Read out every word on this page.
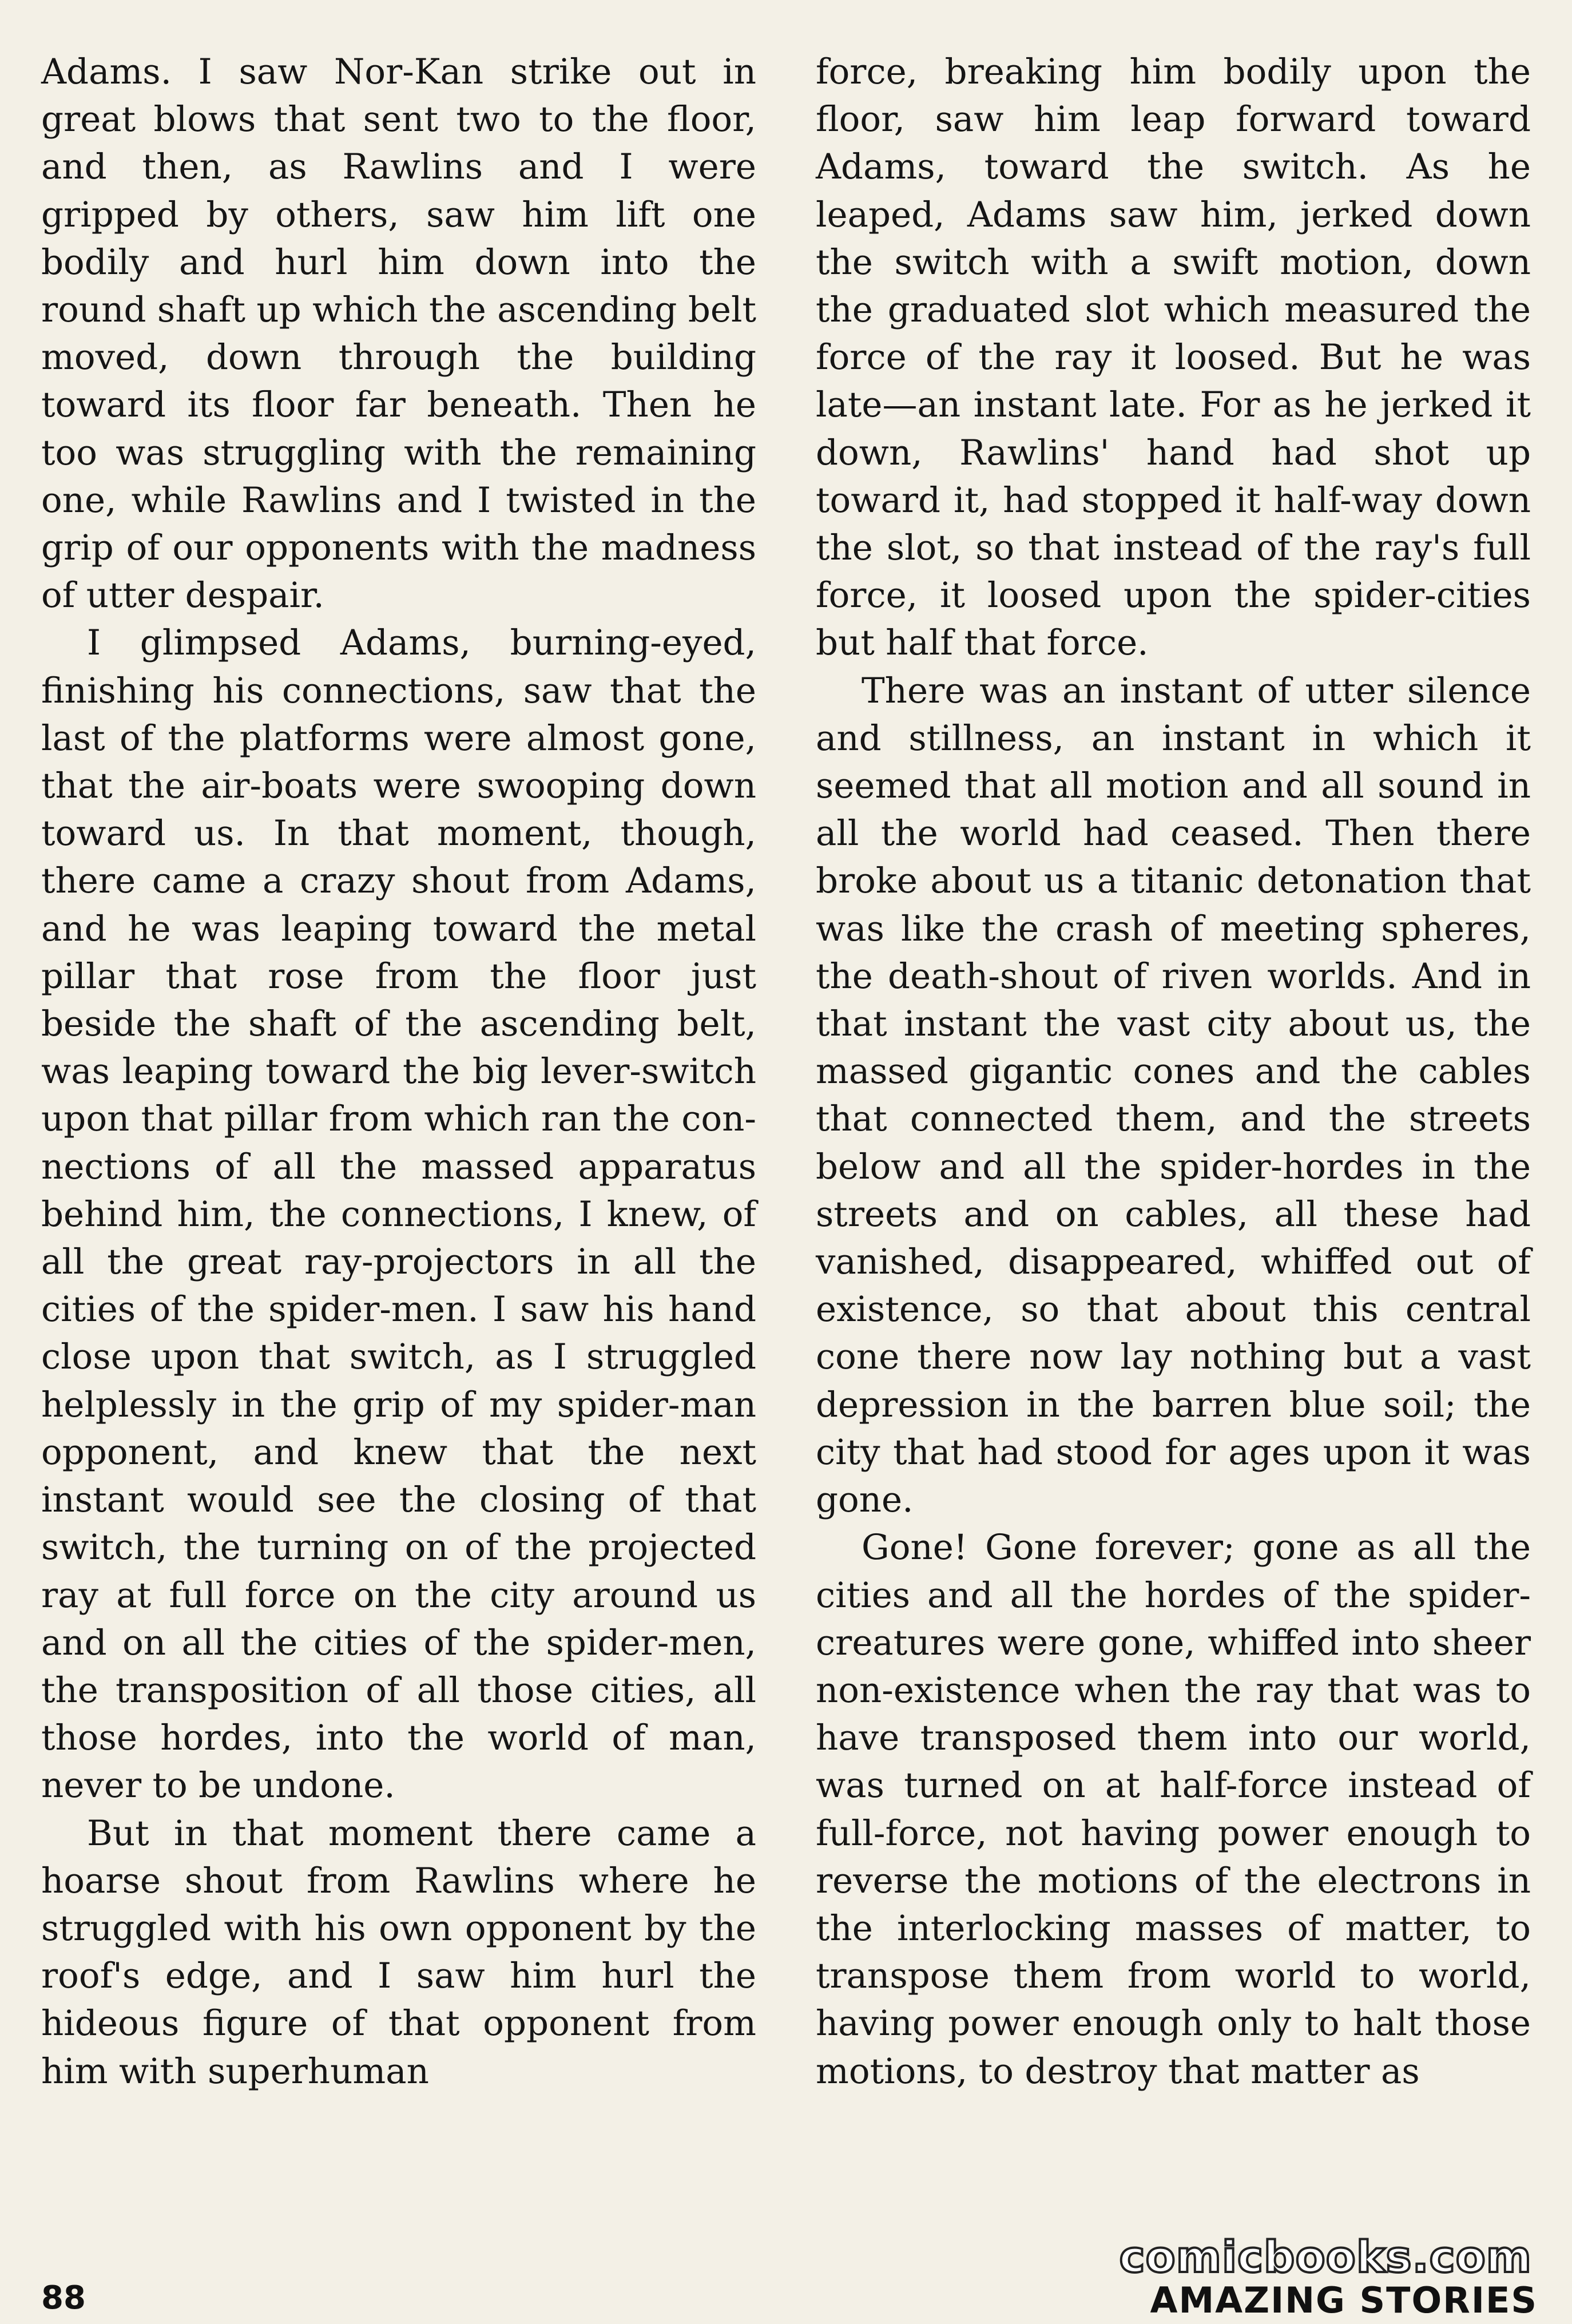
Adams. I saw Nor-Kan strike out in great blows that sent two to the floor, and then, as Rawlins and I were gripped by others, saw him lift one bodily and hurl him down into the round shaft up which the ascending belt moved, down through the building toward its floor far beneath. Then he too was struggling with the remaining one, while Rawlins and I twisted in the grip of our opponents with the madness of utter despair.

I glimpsed Adams, burning-eyed, finishing his connections, saw that the last of the platforms were almost gone, that the air-boats were swooping down toward us. In that moment, though, there came a crazy shout from Adams, and he was leaping toward the metal pillar that rose from the floor just beside the shaft of the ascending belt, was leaping toward the big lever-switch upon that pillar from which ran the connections of all the massed apparatus behind him, the connections, I knew, of all the great ray-projectors in all the cities of the spider-men. I saw his hand close upon that switch, as I struggled helplessly in the grip of my spider-man opponent, and knew that the next instant would see the closing of that switch, the turning on of the projected ray at full force on the city around us and on all the cities of the spider-men, the transposition of all those cities, all those hordes, into the world of man, never to be undone.

But in that moment there came a hoarse shout from Rawlins where he struggled with his own opponent by the roof's edge, and I saw him hurl the hideous figure of that opponent from him with superhuman

force, breaking him bodily upon the floor, saw him leap forward toward Adams, toward the switch. As he leaped, Adams saw him, jerked down the switch with a swift motion, down the graduated slot which measured the force of the ray it loosed. But he was late—an instant late. For as he jerked it down, Rawlins' hand had shot up toward it, had stopped it half-way down the slot, so that instead of the ray's full force, it loosed upon the spider-cities but half that force.

There was an instant of utter silence and stillness, an instant in which it seemed that all motion and all sound in all the world had ceased. Then there broke about us a titanic detonation that was like the crash of meeting spheres, the death-shout of riven worlds. And in that instant the vast city about us, the massed gigantic cones and the cables that connected them, and the streets below and all the spider-hordes in the streets and on cables, all these had vanished, disappeared, whiffed out of existence, so that about this central cone there now lay nothing but a vast depression in the barren blue soil; the city that had stood for ages upon it was gone.

Gone! Gone forever; gone as all the cities and all the hordes of the spider-creatures were gone, whiffed into sheer non-existence when the ray that was to have transposed them into our world, was turned on at half-force instead of full-force, not having power enough to reverse the motions of the electrons in the interlocking masses of matter, to transpose them from world to world, having power enough only to halt those motions, to destroy that matter as

88	AMAZING STORIES
comicbooks.com
